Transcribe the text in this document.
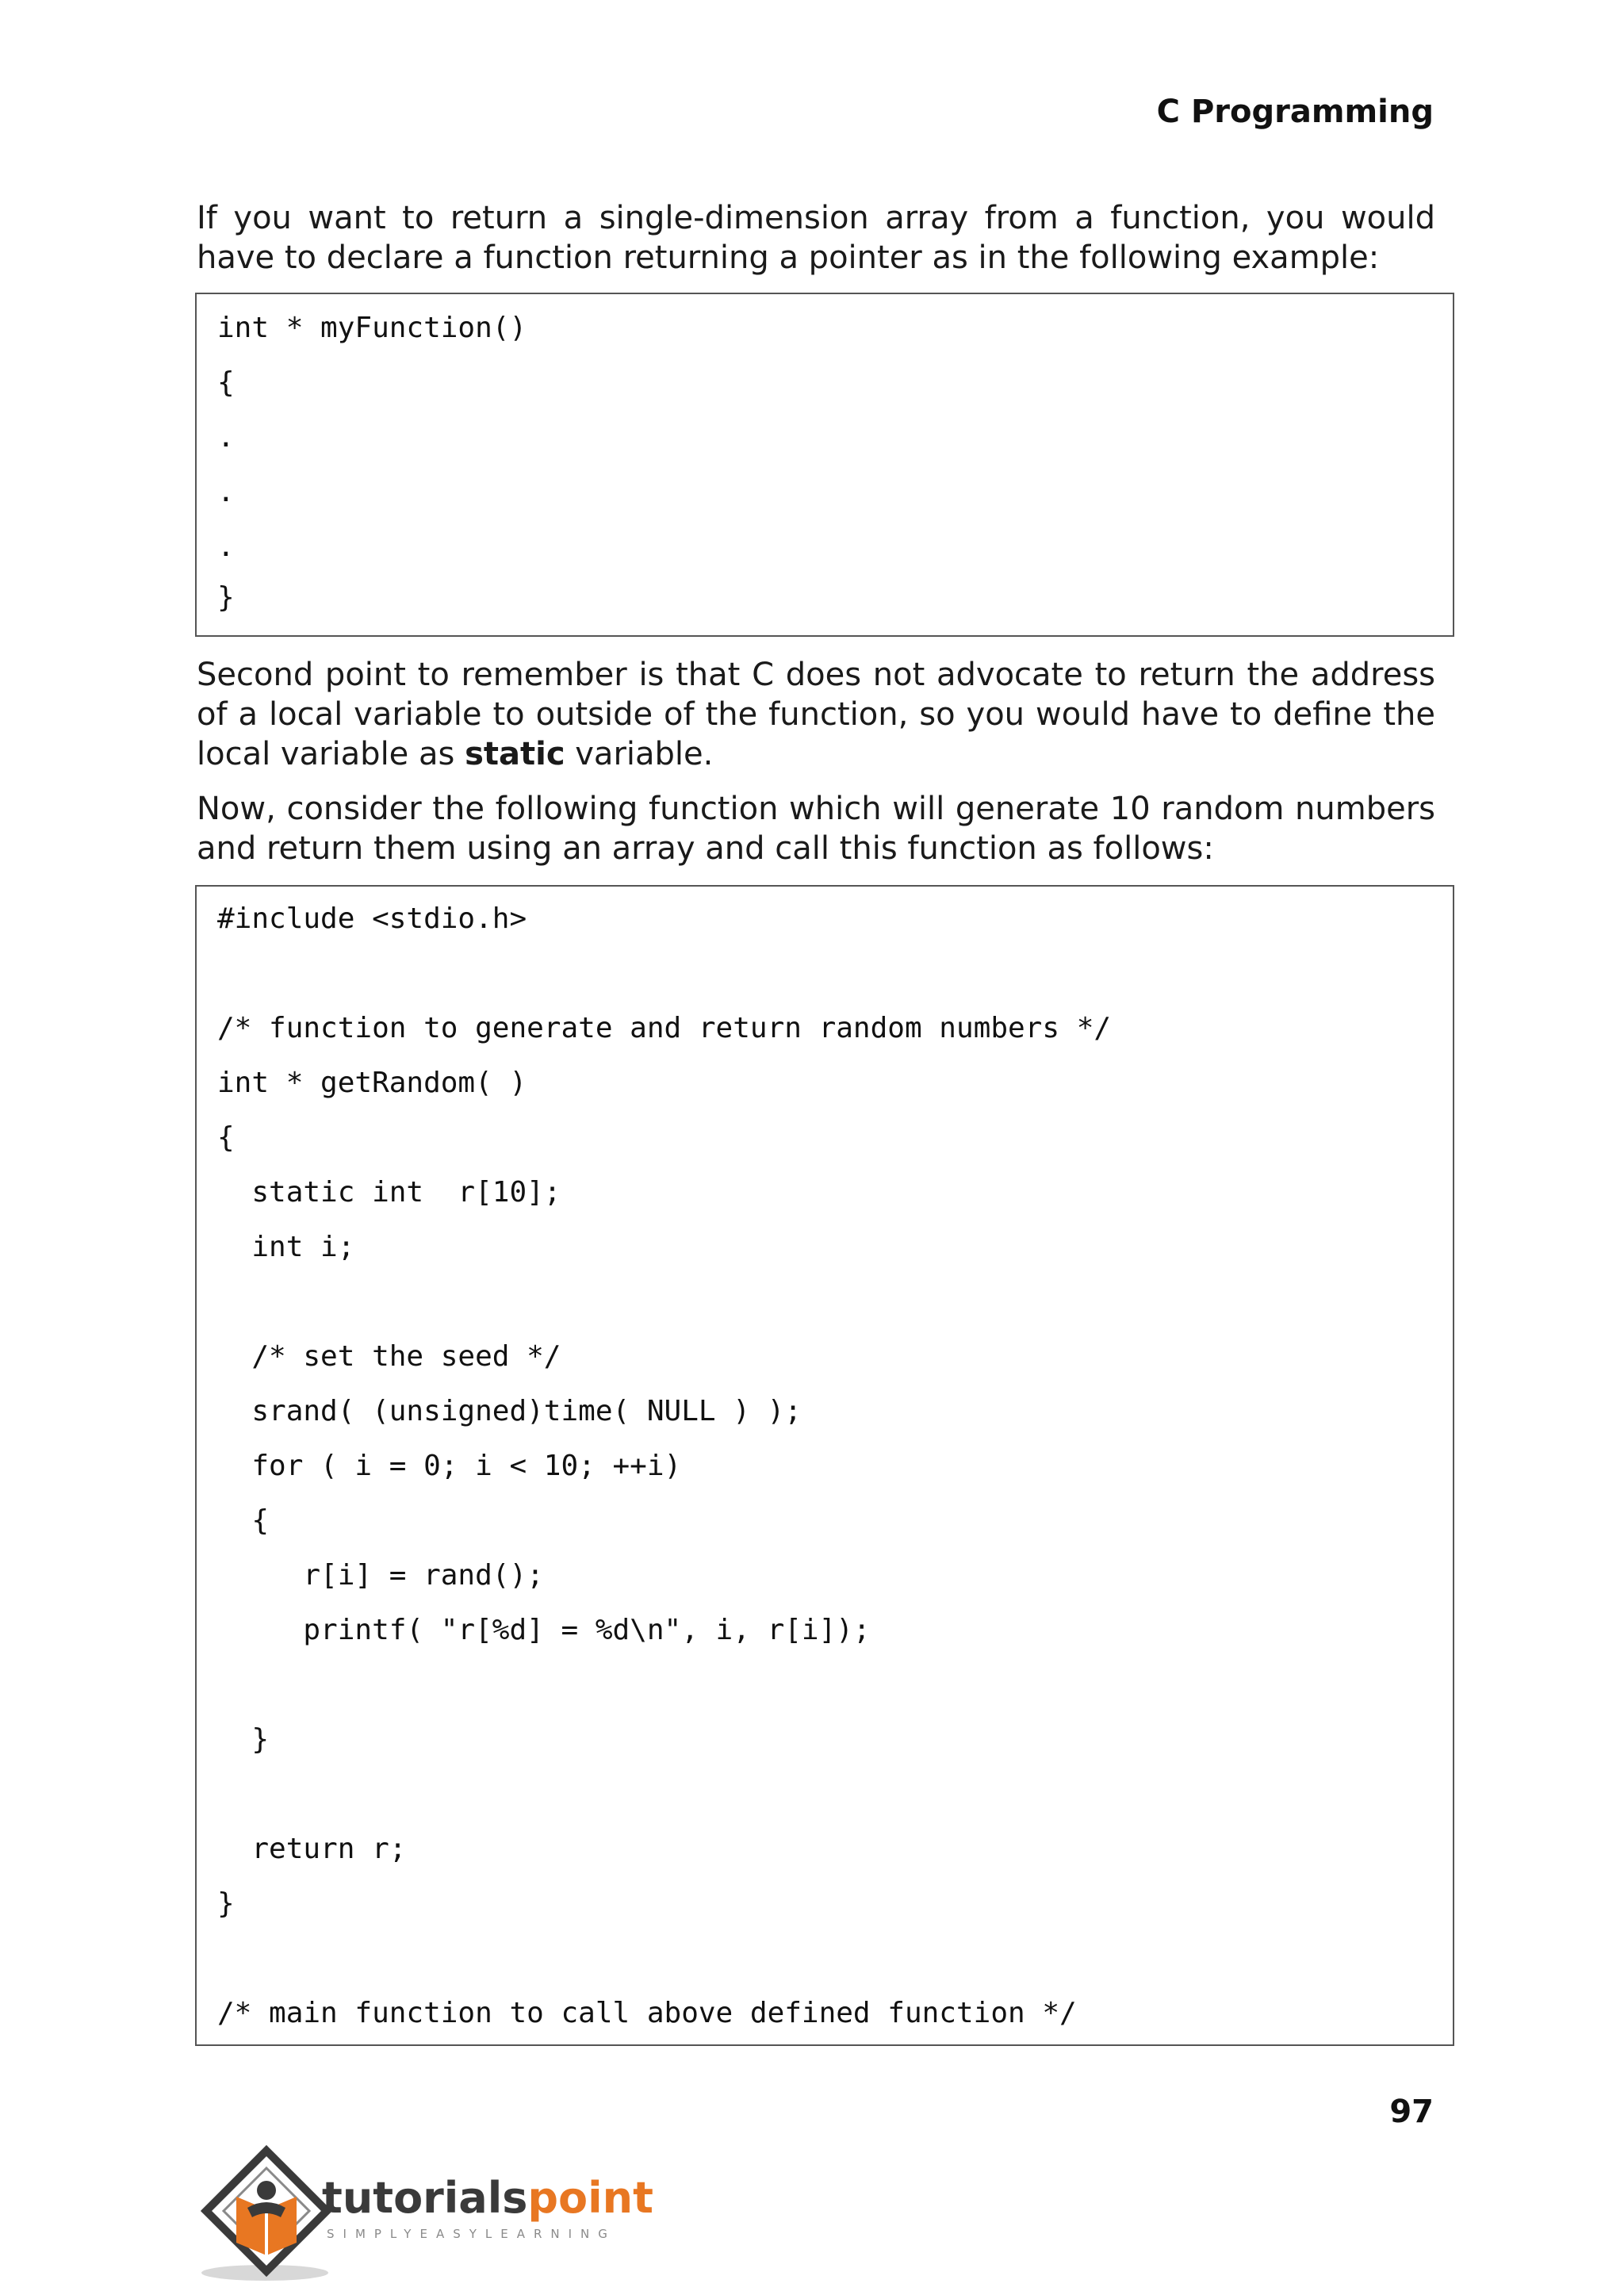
C Programming

If you want to return a single-dimension array from a function, you would have to declare a function returning a pointer as in the following example:

int * myFunction()
{
.
.
.
}

Second point to remember is that C does not advocate to return the address of a local variable to outside of the function, so you would have to define the local variable as static variable.

Now, consider the following function which will generate 10 random numbers and return them using an array and call this function as follows:

#include <stdio.h>
/* function to generate and return random numbers */
int * getRandom( )
{
static int  r[10];
int i;
/* set the seed */
srand( (unsigned)time( NULL ) );
for ( i = 0; i < 10; ++i)
{
r[i] = rand();
printf( "r[%d] = %d\n", i, r[i]);
}
return r;
}
/* main function to call above defined function */
97
tutorialspoint
SIMPLYEASYLEARNING
